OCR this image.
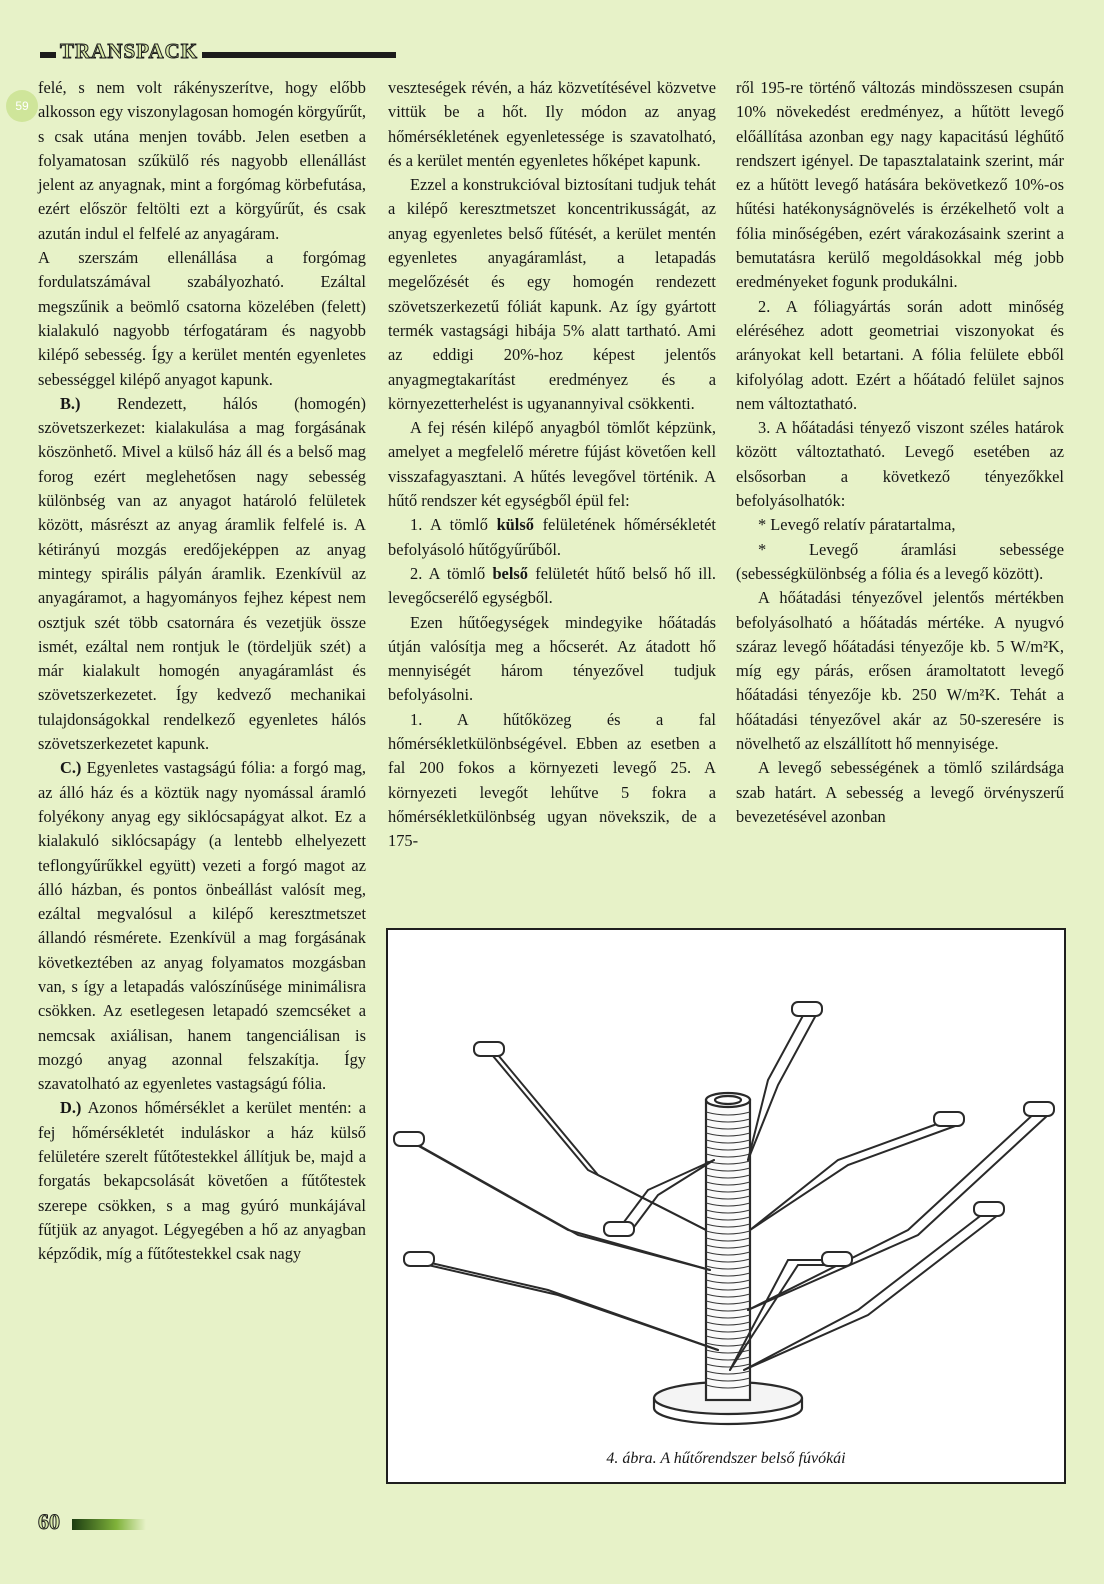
TRANSPACK
59

felé, s nem volt rákényszerítve, hogy előbb alkosson egy viszonylagosan homogén körgyűrűt, s csak utána menjen tovább. Jelen esetben a folyamatosan szűkülő rés nagyobb ellenállást jelent az anyagnak, mint a forgómag körbefutása, ezért először feltölti ezt a körgyűrűt, és csak azután indul el felfelé az anyagáram.

A szerszám ellenállása a forgómag fordulatszámával szabályozható. Ezáltal megszűnik a beömlő csatorna közelében (felett) kialakuló nagyobb térfogatáram és nagyobb kilépő sebesség. Így a kerület mentén egyenletes sebességgel kilépő anyagot kapunk.

B.) Rendezett, hálós (homogén) szövetszerkezet: kialakulása a mag forgásának köszönhető. Mivel a külső ház áll és a belső mag forog ezért meglehetősen nagy sebesség különbség van az anyagot határoló felületek között, másrészt az anyag áramlik felfelé is. A kétirányú mozgás eredőjeképpen az anyag mintegy spirális pályán áramlik. Ezenkívül az anyagáramot, a hagyományos fejhez képest nem osztjuk szét több csatornára és vezetjük össze ismét, ezáltal nem rontjuk le (tördeljük szét) a már kialakult homogén anyagáramlást és szövetszerkezetet. Így kedvező mechanikai tulajdonságokkal rendelkező egyenletes hálós szövetszerkezetet kapunk.

C.) Egyenletes vastagságú fólia: a forgó mag, az álló ház és a köztük nagy nyomással áramló folyékony anyag egy siklócsapágyat alkot. Ez a kialakuló siklócsapágy (a lentebb elhelyezett teflongyűrűkkel együtt) vezeti a forgó magot az álló házban, és pontos önbeállást valósít meg, ezáltal megvalósul a kilépő keresztmetszet állandó résmérete. Ezenkívül a mag forgásának következtében az anyag folyamatos mozgásban van, s így a letapadás valószínűsége minimálisra csökken. Az esetlegesen letapadó szemcséket a nemcsak axiálisan, hanem tangenciálisan is mozgó anyag azonnal felszakítja. Így szavatolható az egyenletes vastagságú fólia.

D.) Azonos hőmérséklet a kerület mentén: a fej hőmérsékletét induláskor a ház külső felületére szerelt fűtőtestekkel állítjuk be, majd a forgatás bekapcsolását követően a fűtőtestek szerepe csökken, s a mag gyúró munkájával fűtjük az anyagot. Légyegében a hő az anyagban képződik, míg a fűtőtestekkel csak nagy

veszteségek révén, a ház közvetítésével közvetve vittük be a hőt. Ily módon az anyag hőmérsékletének egyenletessége is szavatolható, és a kerület mentén egyenletes hőképet kapunk.

Ezzel a konstrukcióval biztosítani tudjuk tehát a kilépő keresztmetszet koncentrikusságát, az anyag egyenletes belső fűtését, a kerület mentén egyenletes anyagáramlást, a letapadás megelőzését és egy homogén rendezett szövetszerkezetű fóliát kapunk. Az így gyártott termék vastagsági hibája 5% alatt tartható. Ami az eddigi 20%-hoz képest jelentős anyagmegtakarítást eredményez és a környezetterhelést is ugyanannyival csökkenti.

A fej résén kilépő anyagból tömlőt képzünk, amelyet a megfelelő méretre fújást követően kell visszafagyasztani. A hűtés levegővel történik. A hűtő rendszer két egységből épül fel:

1. A tömlő külső felületének hőmérsékletét befolyásoló hűtőgyűrűből.

2. A tömlő belső felületét hűtő belső hő ill. levegőcserélő egységből.

Ezen hűtőegységek mindegyike hőátadás útján valósítja meg a hőcserét. Az átadott hő mennyiségét három tényezővel tudjuk befolyásolni.

1. A hűtőközeg és a fal hőmérsékletkülönbségével. Ebben az esetben a fal 200 fokos a környezeti levegő 25. A környezeti levegőt lehűtve 5 fokra a hőmérsékletkülönbség ugyan növekszik, de a 175-

ről 195-re történő változás mindösszesen csupán 10% növekedést eredményez, a hűtött levegő előállítása azonban egy nagy kapacitású léghűtő rendszert igényel. De tapasztalataink szerint, már ez a hűtött levegő hatására bekövetkező 10%-os hűtési hatékonyságnövelés is érzékelhető volt a fólia minőségében, ezért várakozásaink szerint a bemutatásra kerülő megoldásokkal még jobb eredményeket fogunk produkálni.

2. A fóliagyártás során adott minőség eléréséhez adott geometriai viszonyokat és arányokat kell betartani. A fólia felülete ebből kifolyólag adott. Ezért a hőátadó felület sajnos nem változtatható.

3. A hőátadási tényező viszont széles határok között változtatható. Levegő esetében az elsősorban a következő tényezőkkel befolyásolhatók:

* Levegő relatív páratartalma,

* Levegő áramlási sebessége (sebességkülönbség a fólia és a levegő között).

A hőátadási tényezővel jelentős mértékben befolyásolható a hőátadás mértéke. A nyugvó száraz levegő hőátadási tényezője kb. 5 W/m²K, míg egy párás, erősen áramoltatott levegő hőátadási tényezője kb. 250 W/m²K. Tehát a hőátadási tényezővel akár az 50-szeresére is növelhető az elszállított hő mennyisége.

A levegő sebességének a tömlő szilárdsága szab határt. A sebesség a levegő örvényszerű bevezetésével azonban

4. ábra. A hűtőrendszer belső fúvókái
60
